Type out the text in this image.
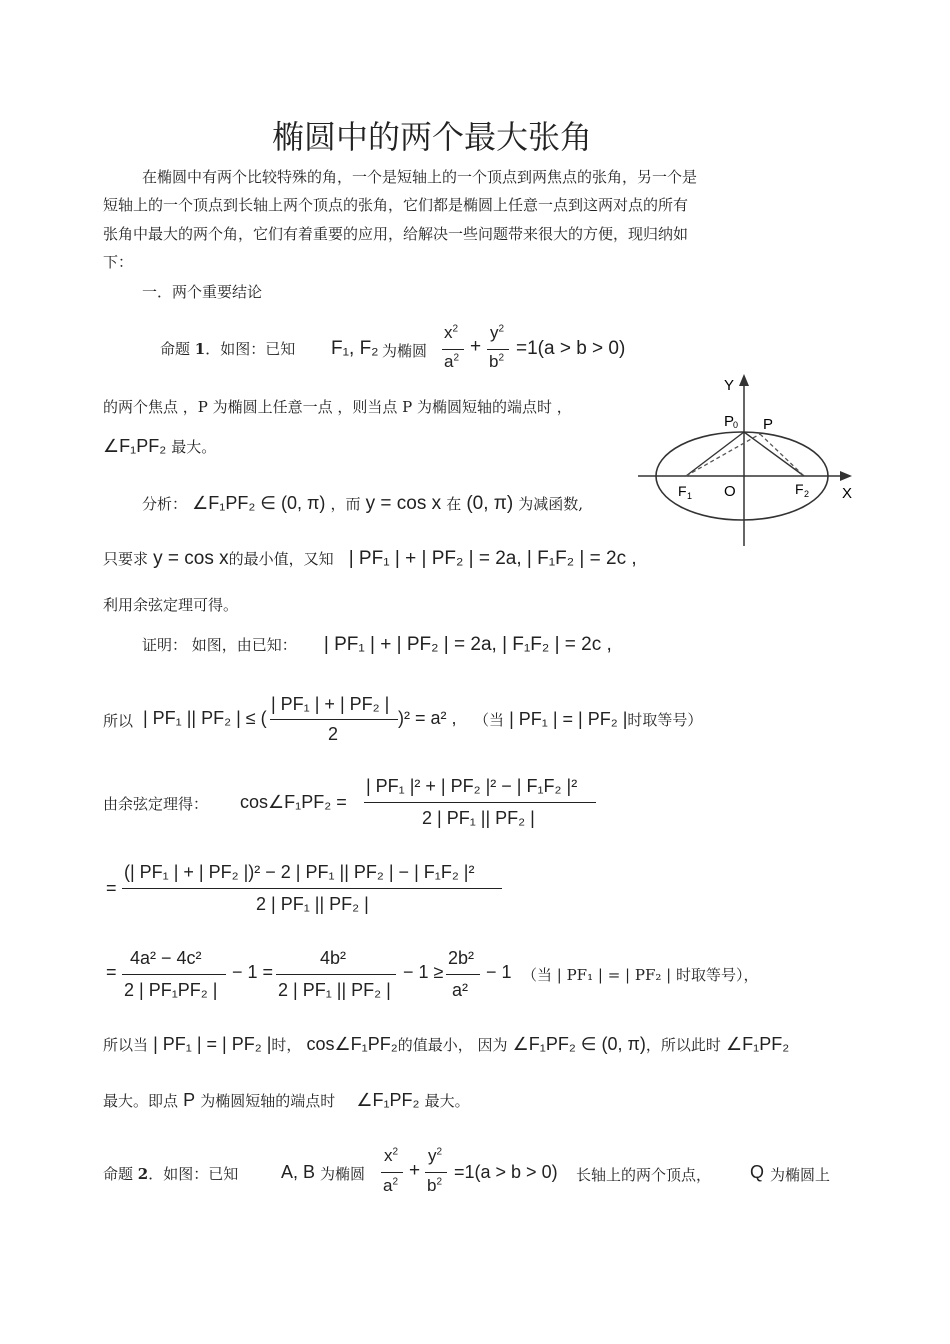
椭圆中的两个最大张角
在椭圆中有两个比较特殊的角，一个是短轴上的一个顶点到两焦点的张角，另一个是
短轴上的一个顶点到长轴上两个顶点的张角，它们都是椭圆上任意一点到这两对点的所有
张角中最大的两个角，它们有着重要的应用，给解决一些问题带来很大的方便，现归纳如
下：
一．两个重要结论
命题 1．如图：已知 F₁, F₂ 为椭圆
$x^2$
$a^2$
+
$y^2$
$b^2 =1(a > b > 0)$
的两个焦点 ，P 为椭圆上任意一点 ，则当点 P 为椭圆短轴的端点时 ，
∠F₁PF₂ 最大。
Y
X
P
0 P
O
F 1	F 2
分析： ∠F₁PF₂ ∈ (0, π) ，而 y = cos x 在 (0, π) 为减函数,
只要求 y = cos x的最小值，又知 | PF₁ | + | PF₂ | = 2a, | F₁F₂ | = 2c ,
利用余弦定理可得。
证明： 如图，由已知： | PF₁ | + | PF₂ | = 2a, | F₁F₂ | = 2c ,
所以 | PF₁ || PF₂ | ≤ (
| PF₁ | + | PF₂ |
2
)² = a² , （当 | PF₁ | = | PF₂ |时取等号）
由余弦定理得： cos∠F₁PF₂ =
| PF₁ |² + | PF₂ |² − | F₁F₂ |²
2 | PF₁ || PF₂ |
=
(| PF₁ | + | PF₂ |)² − 2 | PF₁ || PF₂ | − | F₁F₂ |²
2 | PF₁ || PF₂ |
=
4a² − 4c²
2 | PF₁PF₂ |
− 1 =
4b²
2 | PF₁ || PF₂ |
− 1 ≥
2b²
a²
− 1 （当 | PF₁ | = | PF₂ | 时取等号），
所以当 | PF₁ | = | PF₂ |时， cos∠F₁PF₂的值最小， 因为 ∠F₁PF₂ ∈ (0, π)，所以此时 ∠F₁PF₂
最大。即点 P 为椭圆短轴的端点时 ∠F₁PF₂ 最大。
命题 2．如图：已知 A, B 为椭圆
$x^2$
$a^2$
+
$y^2$
$b^2 =1(a > b > 0)$ 长轴上的两个顶点， Q 为椭圆上
